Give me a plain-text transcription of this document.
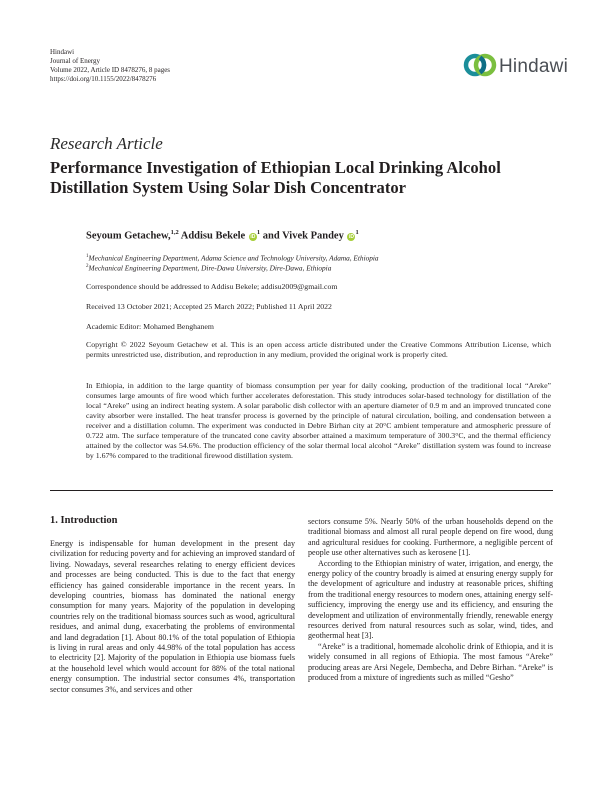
Hindawi
Journal of Energy
Volume 2022, Article ID 8478276, 8 pages
https://doi.org/10.1155/2022/8478276
Hindawi
Research Article
Performance Investigation of Ethiopian Local Drinking Alcohol Distillation System Using Solar Dish Concentrator
Seyoum Getachew,$^{1,2}$ Addisu Bekele $iD^1$ and Vivek Pandey $iD^1$
$^1$Mechanical Engineering Department, Adama Science and Technology University, Adama, Ethiopia
$^2$Mechanical Engineering Department, Dire-Dawa University, Dire-Dawa, Ethiopia
Correspondence should be addressed to Addisu Bekele; addisu2009@gmail.com
Received 13 October 2021; Accepted 25 March 2022; Published 11 April 2022
Academic Editor: Mohamed Benghanem
Copyright © 2022 Seyoum Getachew et al. This is an open access article distributed under the Creative Commons Attribution License, which permits unrestricted use, distribution, and reproduction in any medium, provided the original work is properly cited.
In Ethiopia, in addition to the large quantity of biomass consumption per year for daily cooking, production of the traditional local “Areke” consumes large amounts of fire wood which further accelerates deforestation. This study introduces solar-based technology for distillation of the local “Areke” using an indirect heating system. A solar parabolic dish collector with an aperture diameter of 0.9 m and an improved truncated cone cavity absorber were installed. The heat transfer process is governed by the principle of natural circulation, boiling, and condensation between a receiver and a distillation column. The experiment was conducted in Debre Birhan city at 20°C ambient temperature and atmospheric pressure of 0.722 atm. The surface temperature of the truncated cone cavity absorber attained a maximum temperature of 300.3°C, and the thermal efficiency attained by the collector was 54.6%. The production efficiency of the solar thermal local alcohol “Areke” distillation system was found to increase by 1.67% compared to the traditional firewood distillation system.
1. Introduction

Energy is indispensable for human development in the present day civilization for reducing poverty and for achieving an improved standard of living. Nowadays, several researches relating to energy efficient devices and processes are being conducted. This is due to the fact that energy efficiency has gained considerable importance in the recent years. In developing countries, biomass has dominated the national energy consumption for many years. Majority of the population in developing countries rely on the traditional biomass sources such as wood, agricultural residues, and animal dung, exacerbating the problems of environmental and land degradation [1]. About 80.1% of the total population of Ethiopia is living in rural areas and only 44.98% of the total population has access to electricity [2]. Majority of the population in Ethiopia use biomass fuels at the household level which would account for 88% of the total national energy consumption. The industrial sector consumes 4%, transportation sector consumes 3%, and services and other

sectors consume 5%. Nearly 50% of the urban households depend on the traditional biomass and almost all rural people depend on fire wood, dung and agricultural residues for cooking. Furthermore, a negligible percent of people use other alternatives such as kerosene [1].

According to the Ethiopian ministry of water, irrigation, and energy, the energy policy of the country broadly is aimed at ensuring energy supply for the development of agriculture and industry at reasonable prices, shifting from the traditional energy resources to modern ones, attaining energy self-sufficiency, improving the energy use and its efficiency, and ensuring the development and utilization of environmentally friendly, renewable energy resources derived from natural resources such as solar, wind, tides, and geothermal heat [3].

“Areke” is a traditional, homemade alcoholic drink of Ethiopia, and it is widely consumed in all regions of Ethiopia. The most famous “Areke” producing areas are Arsi Negele, Dembecha, and Debre Birhan. “Areke” is produced from a mixture of ingredients such as milled “Gesho”
